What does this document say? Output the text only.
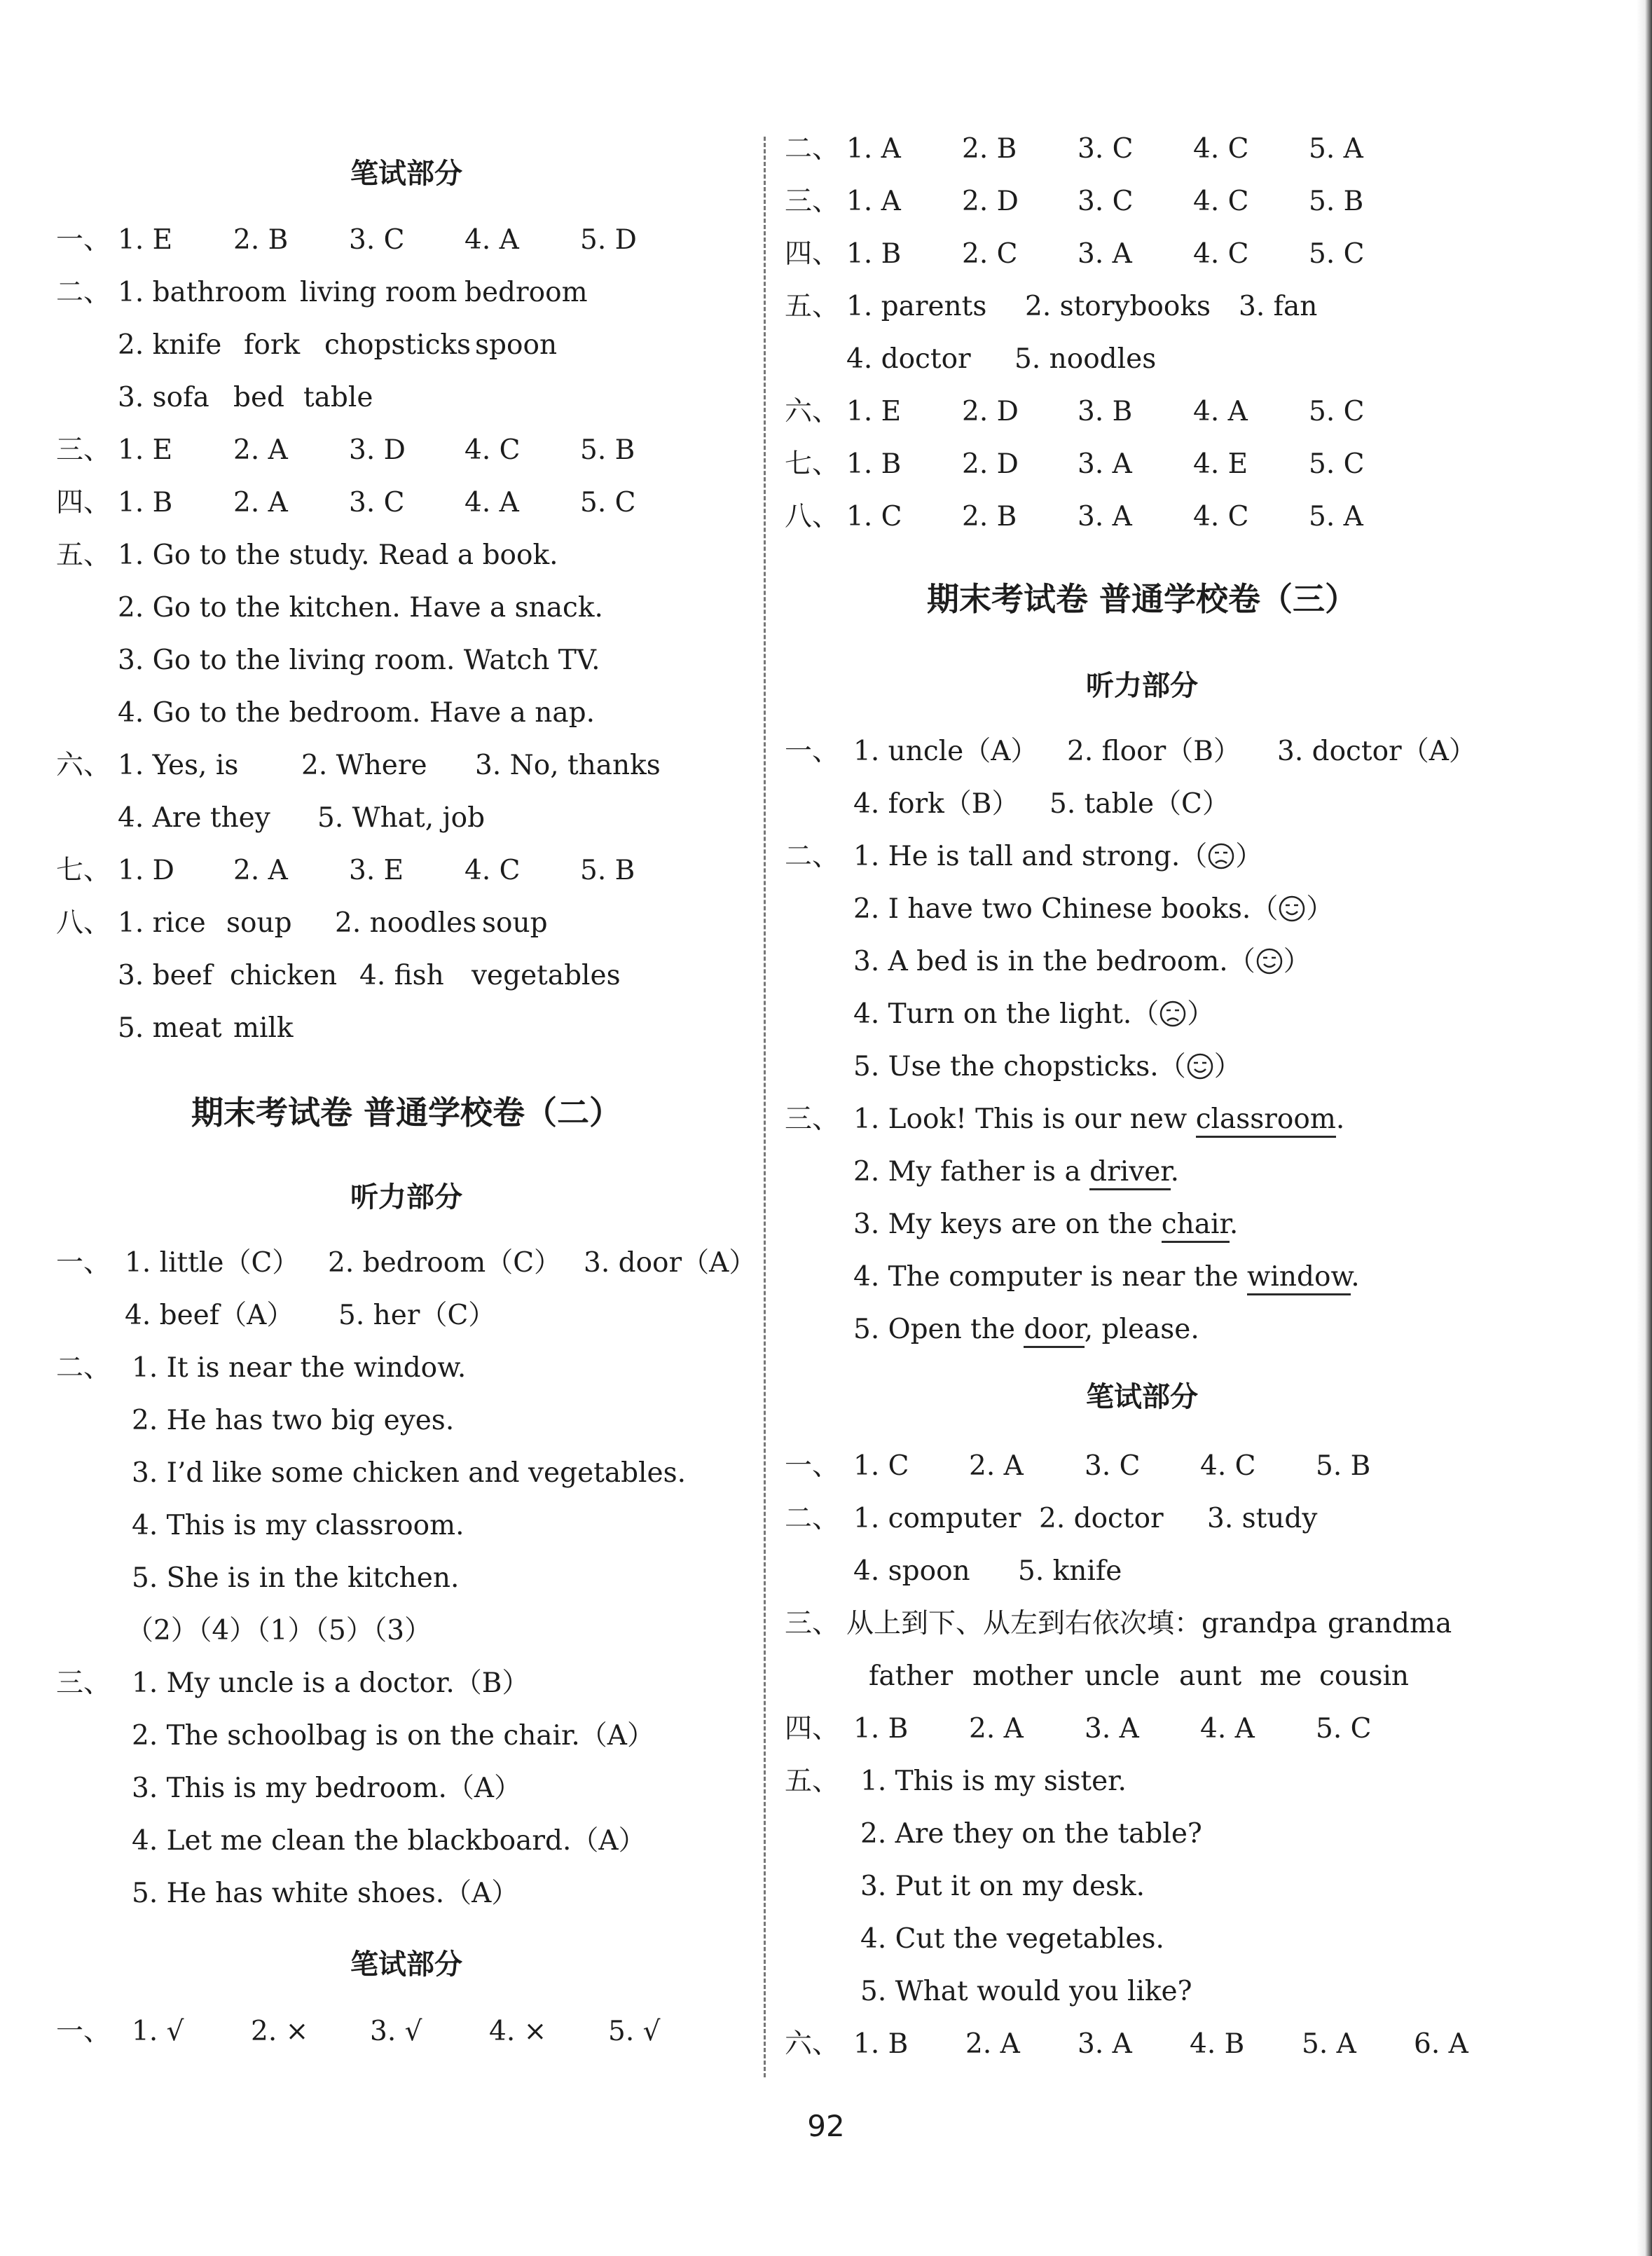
笔试部分
一、 1. E 2. B 3. C 4. A 5. D
二、 1. bathroom living room bedroom
2. knife fork chopsticks spoon
3. sofa bed table
三、 1. E 2. A 3. D 4. C 5. B
四、 1. B 2. A 3. C 4. A 5. C
五、 1. Go to the study. Read a book.
2. Go to the kitchen. Have a snack.
3. Go to the living room. Watch TV.
4. Go to the bedroom. Have a nap.
六、 1. Yes, is 2. Where 3. No, thanks
4. Are they 5. What, job
七、 1. D 2. A 3. E 4. C 5. B
八、 1. rice soup 2. noodles soup
3. beef chicken 4. fish vegetables
5. meat milk
期末考试卷 普通学校卷（二）
听力部分
一、 1. little（C） 2. bedroom（C） 3. door（A）
4. beef（A） 5. her（C）
二、 1. It is near the window.
2. He has two big eyes.
3. I’d like some chicken and vegetables.
4. This is my classroom.
5. She is in the kitchen.
（2）（4）（1）（5）（3）
三、 1. My uncle is a doctor.（B）
2. The schoolbag is on the chair.（A）
3. This is my bedroom.（A）
4. Let me clean the blackboard.（A）
5. He has white shoes.（A）
笔试部分
一、 1. √ 2. × 3. √ 4. × 5. √
二、 1. A 2. B 3. C 4. C 5. A
三、 1. A 2. D 3. C 4. C 5. B
四、 1. B 2. C 3. A 4. C 5. C
五、 1. parents 2. storybooks 3. fan
4. doctor 5. noodles
六、 1. E 2. D 3. B 4. A 5. C
七、 1. B 2. D 3. A 4. E 5. C
八、 1. C 2. B 3. A 4. C 5. A
期末考试卷 普通学校卷（三）
听力部分
一、 1. uncle（A） 2. floor（B） 3. doctor（A）
4. fork（B） 5. table（C）
二、 1. He is tall and strong.（ ）
2. I have two Chinese books.（ ）
3. A bed is in the bedroom.（ ）
4. Turn on the light.（ ）
5. Use the chopsticks.（ ）
三、 1. Look! This is our new classroom.
2. My father is a driver.
3. My keys are on the chair.
4. The computer is near the window.
5. Open the door, please.
笔试部分
一、 1. C 2. A 3. C 4. C 5. B
二、 1. computer 2. doctor 3. study
4. spoon 5. knife
三、 从上到下、从左到右依次填：grandpa grandma
father mother uncle aunt me cousin
四、 1. B 2. A 3. A 4. A 5. C
五、 1. This is my sister.
2. Are they on the table?
3. Put it on my desk.
4. Cut the vegetables.
5. What would you like?
六、 1. B 2. A 3. A 4. B 5. A 6. A
92
